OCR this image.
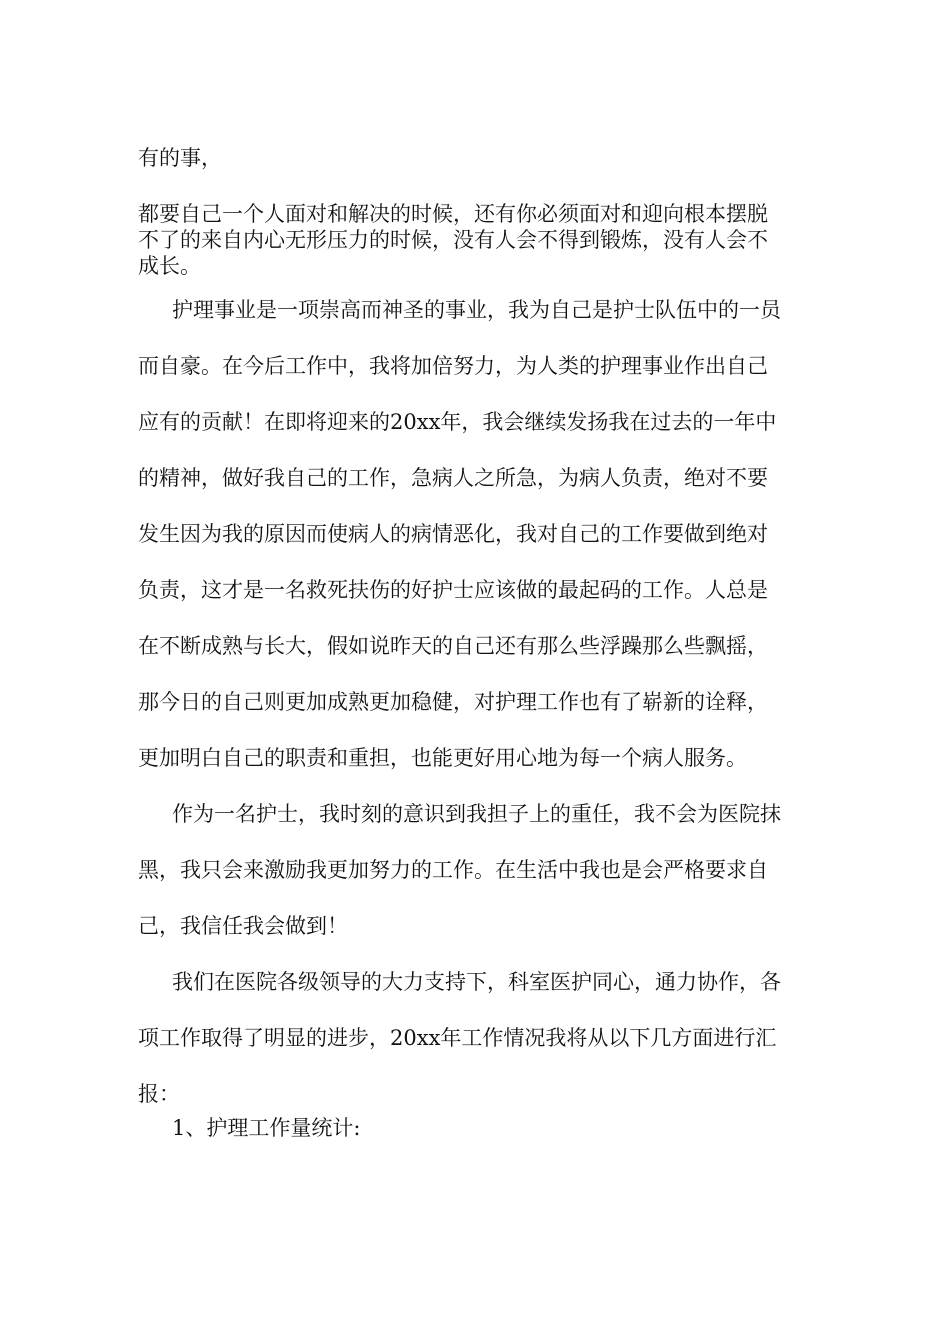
有的事，
都要自己一个人面对和解决的时候，还有你必须面对和迎向根本摆脱
不了的来自内心无形压力的时候，没有人会不得到锻炼，没有人会不
成长。
护理事业是一项崇高而神圣的事业，我为自己是护士队伍中的一员
而自豪。在今后工作中，我将加倍努力，为人类的护理事业作出自己
应有的贡献！在即将迎来的20xx年，我会继续发扬我在过去的一年中
的精神，做好我自己的工作，急病人之所急，为病人负责，绝对不要
发生因为我的原因而使病人的病情恶化，我对自己的工作要做到绝对
负责，这才是一名救死扶伤的好护士应该做的最起码的工作。人总是
在不断成熟与长大，假如说昨天的自己还有那么些浮躁那么些飘摇，
那今日的自己则更加成熟更加稳健，对护理工作也有了崭新的诠释，
更加明白自己的职责和重担，也能更好用心地为每一个病人服务。
作为一名护士，我时刻的意识到我担子上的重任，我不会为医院抹
黑，我只会来激励我更加努力的工作。在生活中我也是会严格要求自
己，我信任我会做到！
我们在医院各级领导的大力支持下，科室医护同心，通力协作，各
项工作取得了明显的进步，20xx年工作情况我将从以下几方面进行汇
报：
1、护理工作量统计:
